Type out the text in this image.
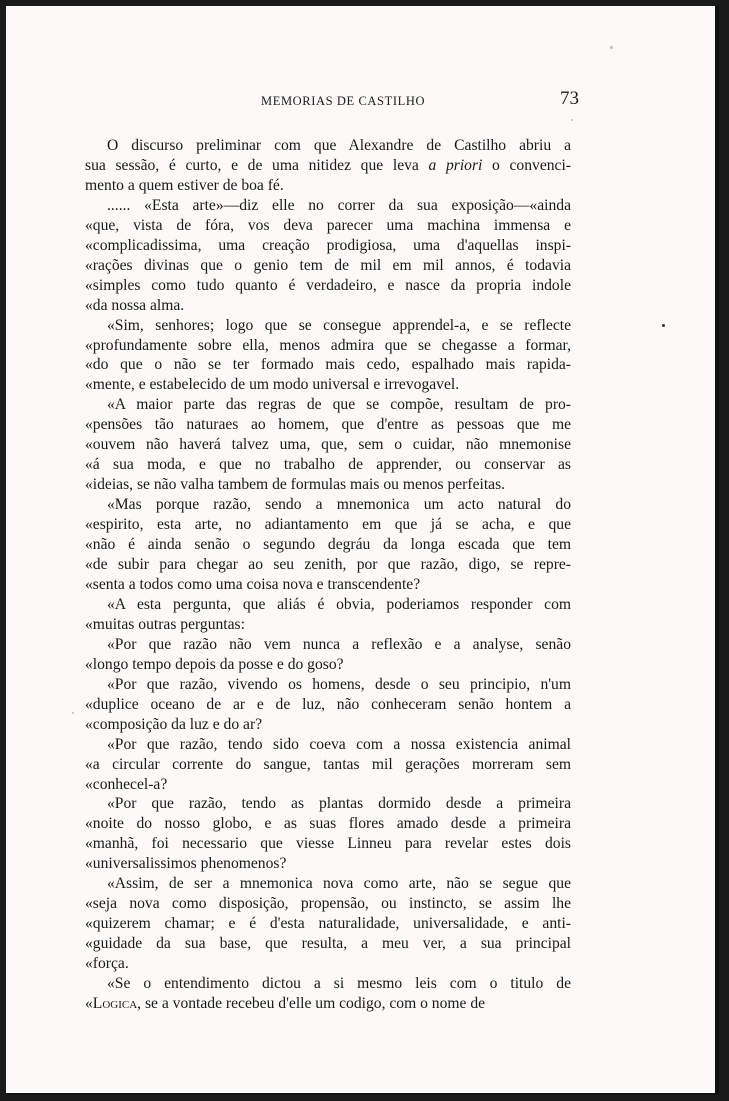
MEMORIAS DE CASTILHO	73

O discurso preliminar com que Alexandre de Castilho abriu a
sua sessão, é curto, e de uma nitidez que leva a priori o convenci-
mento a quem estiver de boa fé.

...... «Esta arte»—diz elle no correr da sua exposição—«ainda
«que, vista de fóra, vos deva parecer uma machina immensa e
«complicadissima, uma creação prodigiosa, uma d'aquellas inspi-
«rações divinas que o genio tem de mil em mil annos, é todavia
«simples como tudo quanto é verdadeiro, e nasce da propria indole
«da nossa alma.

«Sim, senhores; logo que se consegue apprendel-a, e se reflecte
«profundamente sobre ella, menos admira que se chegasse a formar,
«do que o não se ter formado mais cedo, espalhado mais rapida-
«mente, e estabelecido de um modo universal e irrevogavel.

«A maior parte das regras de que se compõe, resultam de pro-
«pensões tão naturaes ao homem, que d'entre as pessoas que me
«ouvem não haverá talvez uma, que, sem o cuidar, não mnemonise
«á sua moda, e que no trabalho de apprender, ou conservar as
«ideias, se não valha tambem de formulas mais ou menos perfeitas.

«Mas porque razão, sendo a mnemonica um acto natural do
«espirito, esta arte, no adiantamento em que já se acha, e que
«não é ainda senão o segundo degráu da longa escada que tem
«de subir para chegar ao seu zenith, por que razão, digo, se repre-
«senta a todos como uma coisa nova e transcendente?

«A esta pergunta, que aliás é obvia, poderiamos responder com
«muitas outras perguntas:

«Por que razão não vem nunca a reflexão e a analyse, senão
«longo tempo depois da posse e do goso?

«Por que razão, vivendo os homens, desde o seu principio, n'um
«duplice oceano de ar e de luz, não conheceram senão hontem a
«composição da luz e do ar?

«Por que razão, tendo sido coeva com a nossa existencia animal
«a circular corrente do sangue, tantas mil gerações morreram sem
«conhecel-a?

«Por que razão, tendo as plantas dormido desde a primeira
«noite do nosso globo, e as suas flores amado desde a primeira
«manhã, foi necessario que viesse Linneu para revelar estes dois
«universalissimos phenomenos?

«Assim, de ser a mnemonica nova como arte, não se segue que
«seja nova como disposição, propensão, ou instincto, se assim lhe
«quizerem chamar; e é d'esta naturalidade, universalidade, e anti-
«guidade da sua base, que resulta, a meu ver, a sua principal
«força.

«Se o entendimento dictou a si mesmo leis com o titulo de
«Logica, se a vontade recebeu d'elle um codigo, com o nome de
